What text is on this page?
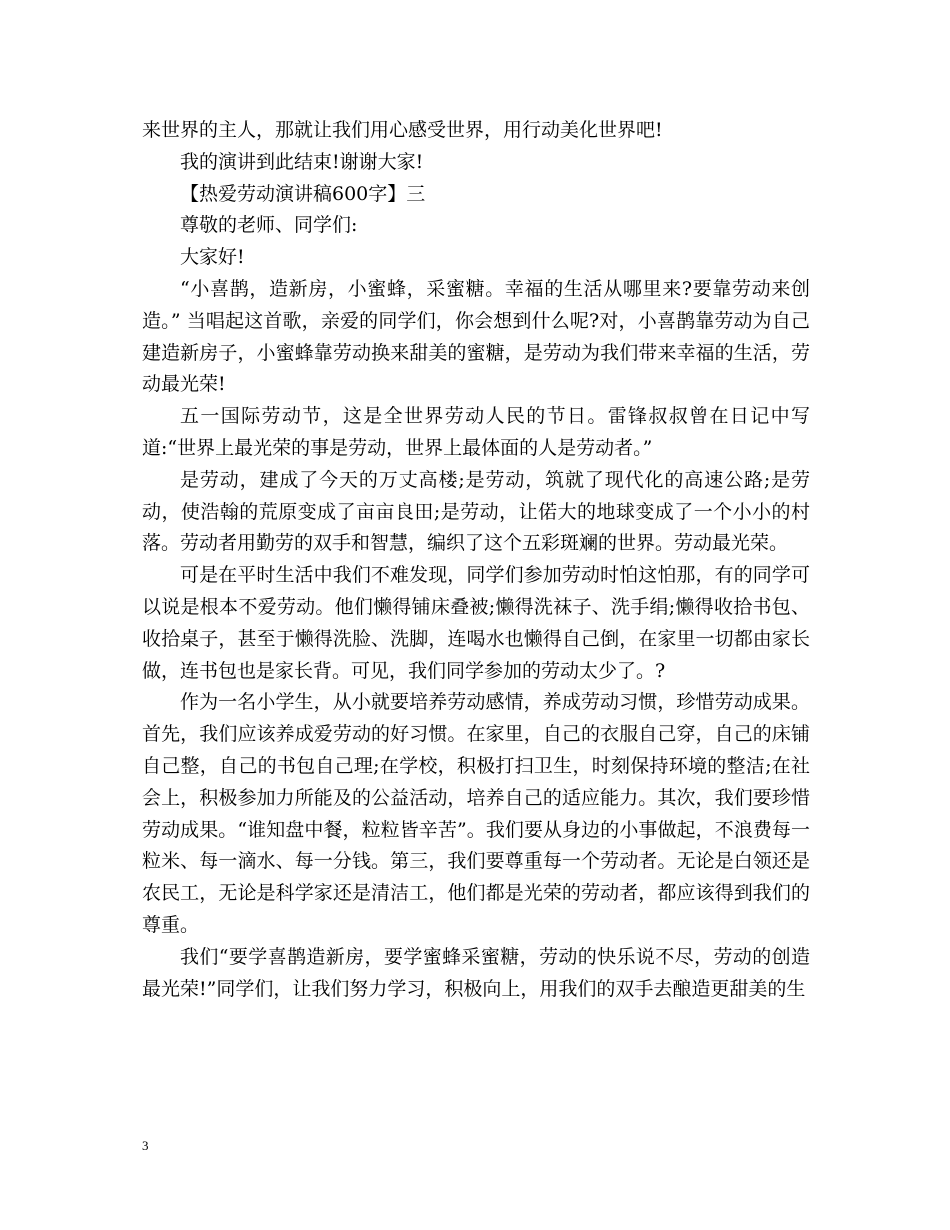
来世界的主人，那就让我们用心感受世界，用行动美化世界吧!

我的演讲到此结束!谢谢大家!

【热爱劳动演讲稿600字】三

尊敬的老师、同学们:

大家好!

“小喜鹊，造新房，小蜜蜂，采蜜糖。幸福的生活从哪里来?要靠劳动来创造。” 当唱起这首歌，亲爱的同学们，你会想到什么呢?对，小喜鹊靠劳动为自己建造新房子，小蜜蜂靠劳动换来甜美的蜜糖，是劳动为我们带来幸福的生活，劳动最光荣!

五一国际劳动节，这是全世界劳动人民的节日。雷锋叔叔曾在日记中写道:“世界上最光荣的事是劳动，世界上最体面的人是劳动者。”

是劳动，建成了今天的万丈高楼;是劳动，筑就了现代化的高速公路;是劳动，使浩翰的荒原变成了亩亩良田;是劳动，让偌大的地球变成了一个小小的村落。劳动者用勤劳的双手和智慧，编织了这个五彩斑斓的世界。劳动最光荣。

可是在平时生活中我们不难发现，同学们参加劳动时怕这怕那，有的同学可以说是根本不爱劳动。他们懒得铺床叠被;懒得洗袜子、洗手绢;懒得收拾书包、收拾桌子，甚至于懒得洗脸、洗脚，连喝水也懒得自己倒，在家里一切都由家长做，连书包也是家长背。可见，我们同学参加的劳动太少了。?

作为一名小学生，从小就要培养劳动感情，养成劳动习惯，珍惜劳动成果。首先，我们应该养成爱劳动的好习惯。在家里，自己的衣服自己穿，自己的床铺自己整，自己的书包自己理;在学校，积极打扫卫生，时刻保持环境的整洁;在社会上，积极参加力所能及的公益活动，培养自己的适应能力。其次，我们要珍惜劳动成果。“谁知盘中餐，粒粒皆辛苦”。我们要从身边的小事做起，不浪费每一粒米、每一滴水、每一分钱。第三，我们要尊重每一个劳动者。无论是白领还是农民工，无论是科学家还是清洁工，他们都是光荣的劳动者，都应该得到我们的尊重。

我们“要学喜鹊造新房，要学蜜蜂采蜜糖，劳动的快乐说不尽，劳动的创造最光荣!”同学们，让我们努力学习，积极向上，用我们的双手去酿造更甜美的生

3
